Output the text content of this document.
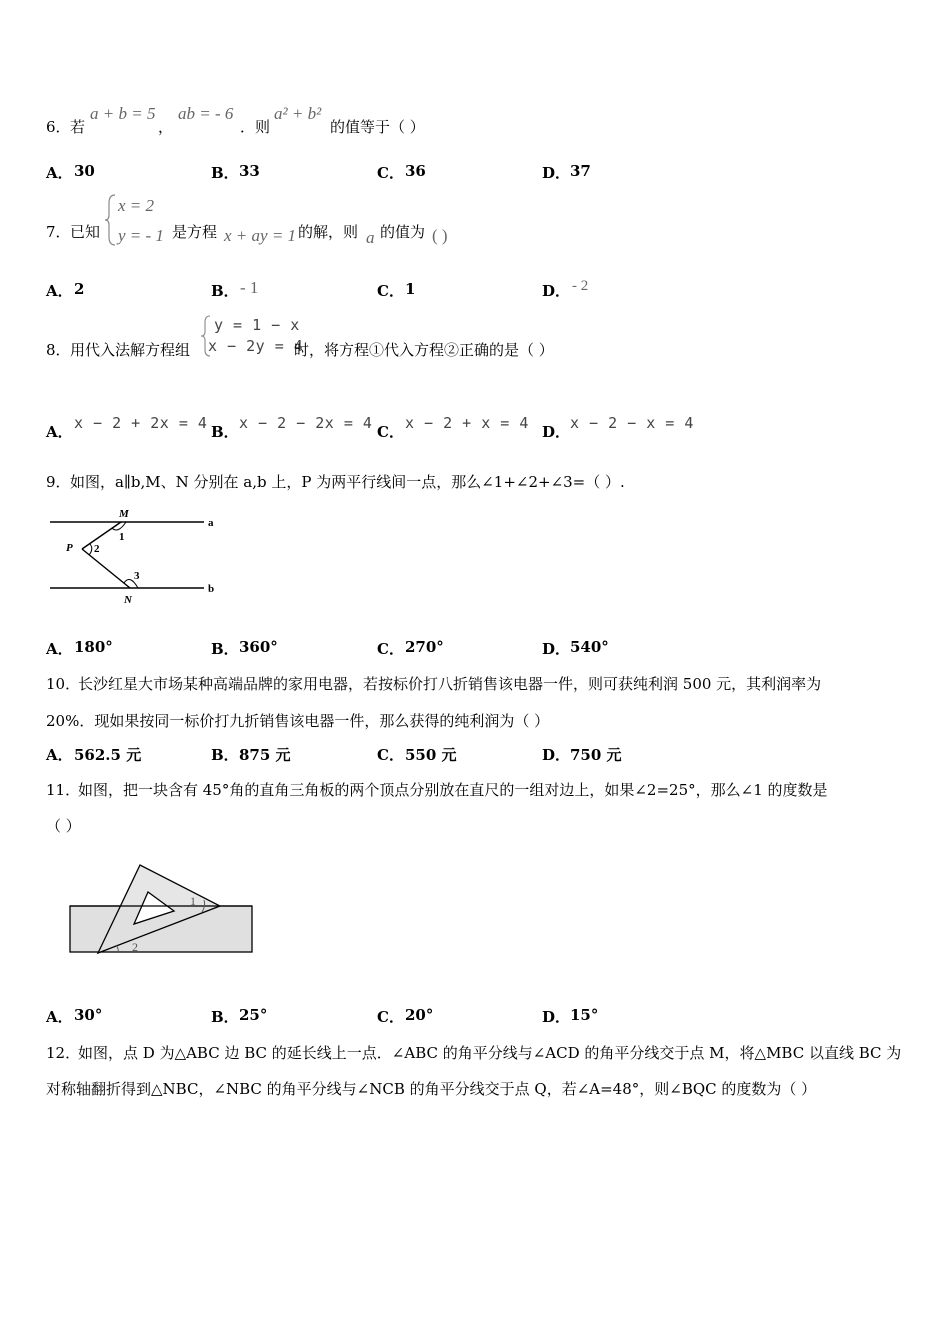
6． 若
a + b = 5
，
ab = - 6
．则
a² + b²
的值等于（ ）
A． 30	B． 33	C． 36	D． 37
7． 已知
x = 2
y = - 1 是方程 x + ay = 1 的解，则 a 的值为 ( )
A． 2	B． - 1	C． 1	D． - 2
8． 用代入法解方程组
y = 1 − x
x − 2y = 4
时，将方程①代入方程②正确的是（ ）
A． x − 2 + 2x = 4 B． x − 2 − 2x = 4 C． x − 2 + x = 4 D． x − 2 − x = 4
9． 如图，a∥b,M、N 分别在 a,b 上，P 为两平行线间一点，那么∠1+∠2+∠3=（ ）.
M
P
N
a
b
1
2
3
A． 180°	B． 360°	C． 270°	D． 540°
10．
长沙红星大市场某种高端品牌的家用电器，若按标价打八折销售该电器一件，则可获纯利润 500 元，其利润率为
20%．现如果按同一标价打九折销售该电器一件，那么获得的纯利润为（ ）
A． 562.5 元	B． 875 元	C． 550 元	D． 750 元
11．
如图，把一块含有 45°角的直角三角板的两个顶点分别放在直尺的一组对边上，如果∠2=25°，那么∠1 的度数是
（ ）
1
2
A． 30°	B． 25°	C． 20°	D． 15°
12．
如图，点 D 为△ABC 边 BC 的延长线上一点．∠ABC 的角平分线与∠ACD 的角平分线交于点 M，将△MBC 以直线 BC 为
对称轴翻折得到△NBC，∠NBC 的角平分线与∠NCB 的角平分线交于点 Q，若∠A=48°，则∠BQC 的度数为（ ）
